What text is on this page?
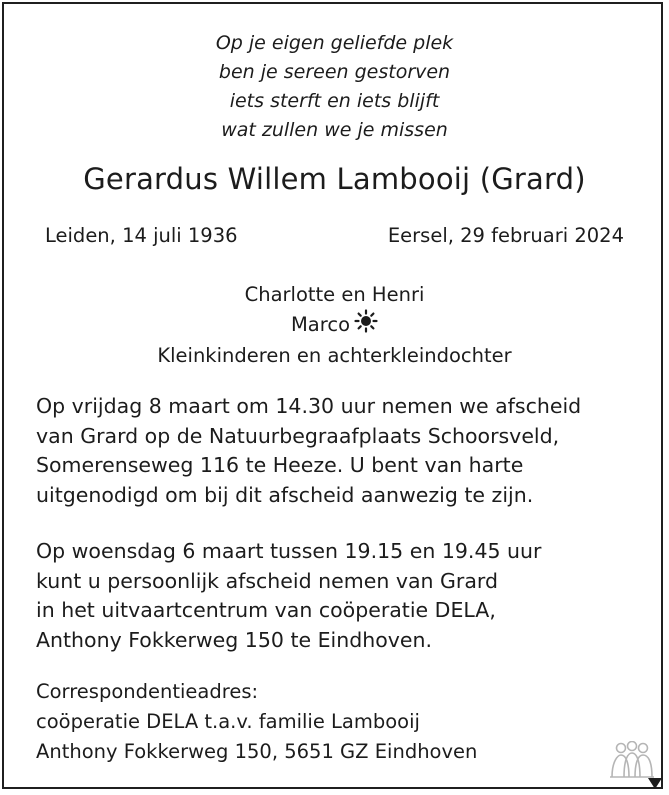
Op je eigen geliefde plek
ben je sereen gestorven
iets sterft en iets blijft
wat zullen we je missen
Gerardus Willem Lambooij (Grard)
Leiden, 14 juli 1936	Eersel, 29 februari 2024
Charlotte en Henri
Marco
Kleinkinderen en achterkleindochter
Op vrijdag 8 maart om 14.30 uur nemen we afscheid
van Grard op de Natuurbegraafplaats Schoorsveld,
Somerenseweg 116 te Heeze. U bent van harte
uitgenodigd om bij dit afscheid aanwezig te zijn.
Op woensdag 6 maart tussen 19.15 en 19.45 uur
kunt u persoonlijk afscheid nemen van Grard
in het uitvaartcentrum van coöperatie DELA,
Anthony Fokkerweg 150 te Eindhoven.
Correspondentieadres:
coöperatie DELA t.a.v. familie Lambooij
Anthony Fokkerweg 150, 5651 GZ Eindhoven
